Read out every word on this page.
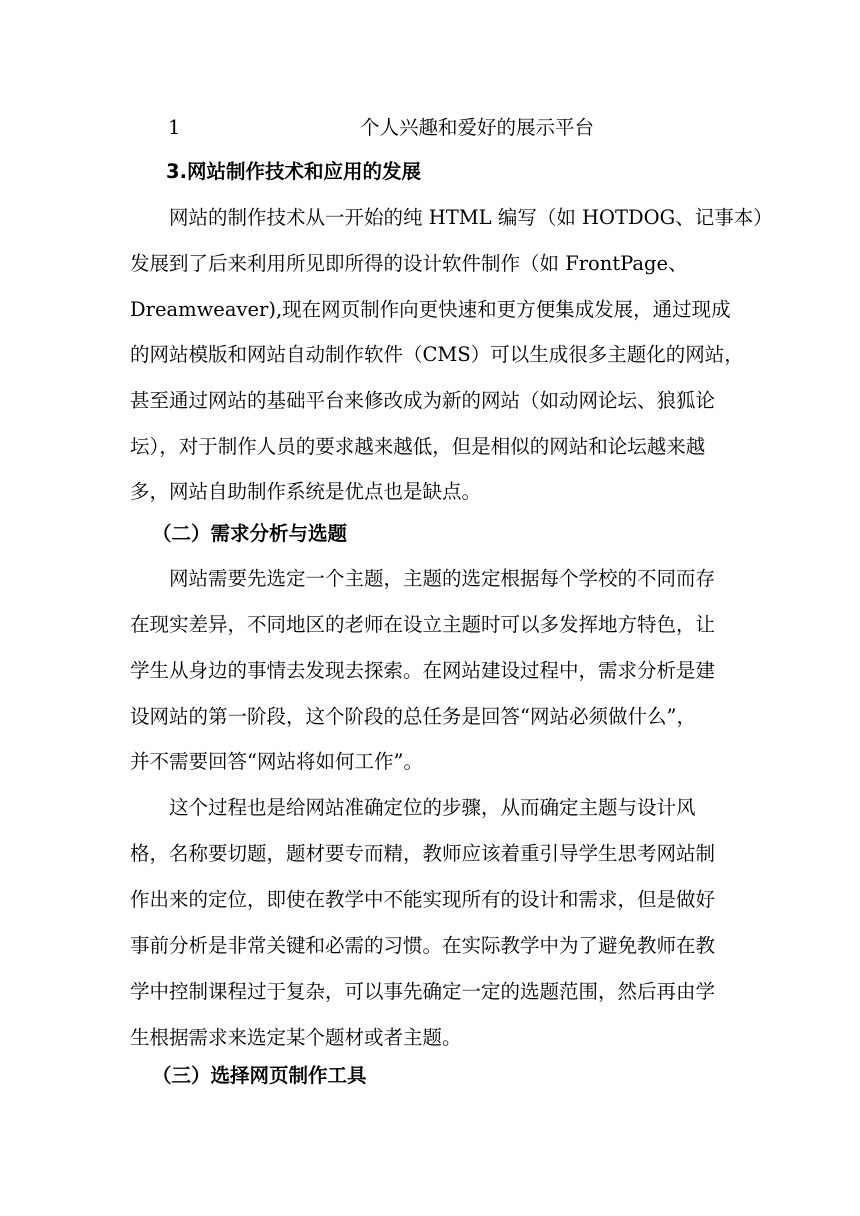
1	个人兴趣和爱好的展示平台
3.网站制作技术和应用的发展
　　网站的制作技术从一开始的纯 HTML 编写（如 HOTDOG、记事本）
发展到了后来利用所见即所得的设计软件制作（如 FrontPage、
Dreamweaver),现在网页制作向更快速和更方便集成发展，通过现成
的网站模版和网站自动制作软件（CMS）可以生成很多主题化的网站，
甚至通过网站的基础平台来修改成为新的网站（如动网论坛、狼狐论
坛），对于制作人员的要求越来越低，但是相似的网站和论坛越来越
多，网站自助制作系统是优点也是缺点。
（二）需求分析与选题
　　网站需要先选定一个主题，主题的选定根据每个学校的不同而存
在现实差异，不同地区的老师在设立主题时可以多发挥地方特色，让
学生从身边的事情去发现去探索。在网站建设过程中，需求分析是建
设网站的第一阶段，这个阶段的总任务是回答“网站必须做什么”，
并不需要回答“网站将如何工作”。
　　这个过程也是给网站准确定位的步骤，从而确定主题与设计风
格，名称要切题，题材要专而精，教师应该着重引导学生思考网站制
作出来的定位，即使在教学中不能实现所有的设计和需求，但是做好
事前分析是非常关键和必需的习惯。在实际教学中为了避免教师在教
学中控制课程过于复杂，可以事先确定一定的选题范围，然后再由学
生根据需求来选定某个题材或者主题。
（三）选择网页制作工具
